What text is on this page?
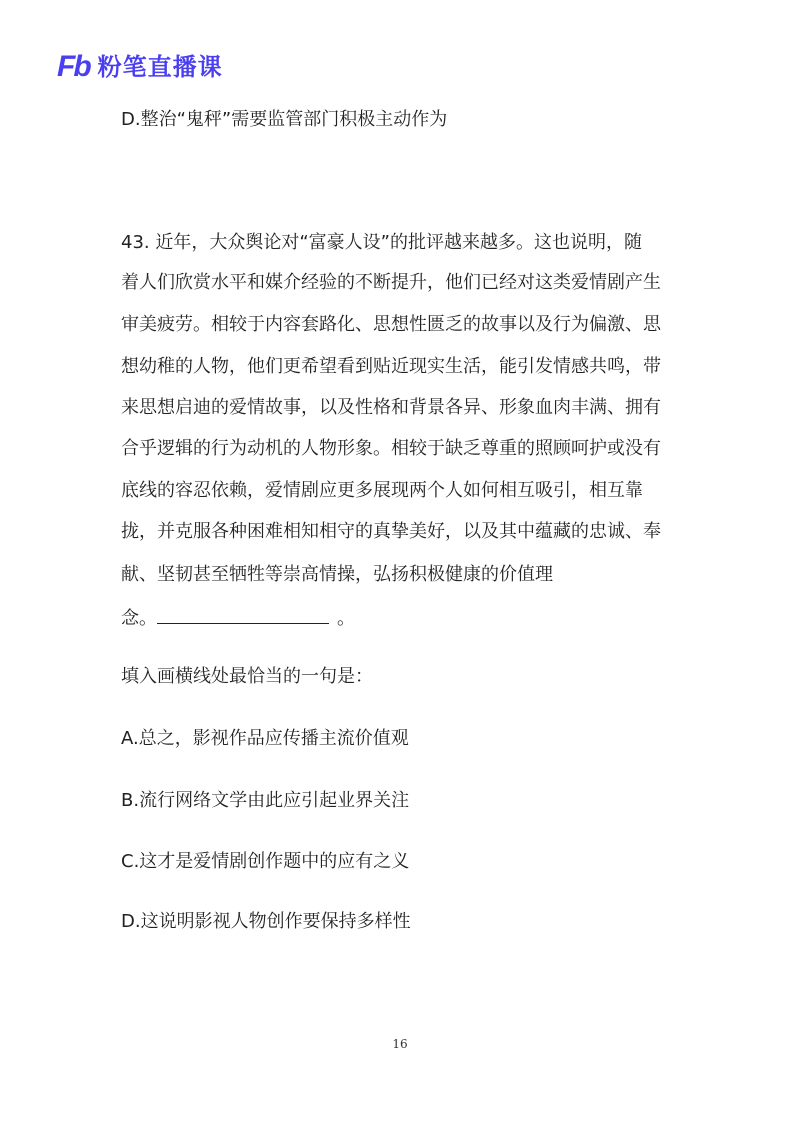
Fb 粉笔直播课
D.整治“鬼秤”需要监管部门积极主动作为
43. 近年，大众舆论对“富豪人设”的批评越来越多。这也说明，随
着人们欣赏水平和媒介经验的不断提升，他们已经对这类爱情剧产生
审美疲劳。相较于内容套路化、思想性匮乏的故事以及行为偏激、思
想幼稚的人物，他们更希望看到贴近现实生活，能引发情感共鸣，带
来思想启迪的爱情故事，以及性格和背景各异、形象血肉丰满、拥有
合乎逻辑的行为动机的人物形象。相较于缺乏尊重的照顾呵护或没有
底线的容忍依赖，爱情剧应更多展现两个人如何相互吸引，相互靠
拢，并克服各种困难相知相守的真挚美好，以及其中蕴藏的忠诚、奉
献、坚韧甚至牺牲等崇高情操，弘扬积极健康的价值理
念。	。
填入画横线处最恰当的一句是：
A.总之，影视作品应传播主流价值观
B.流行网络文学由此应引起业界关注
C.这才是爱情剧创作题中的应有之义
D.这说明影视人物创作要保持多样性
16
